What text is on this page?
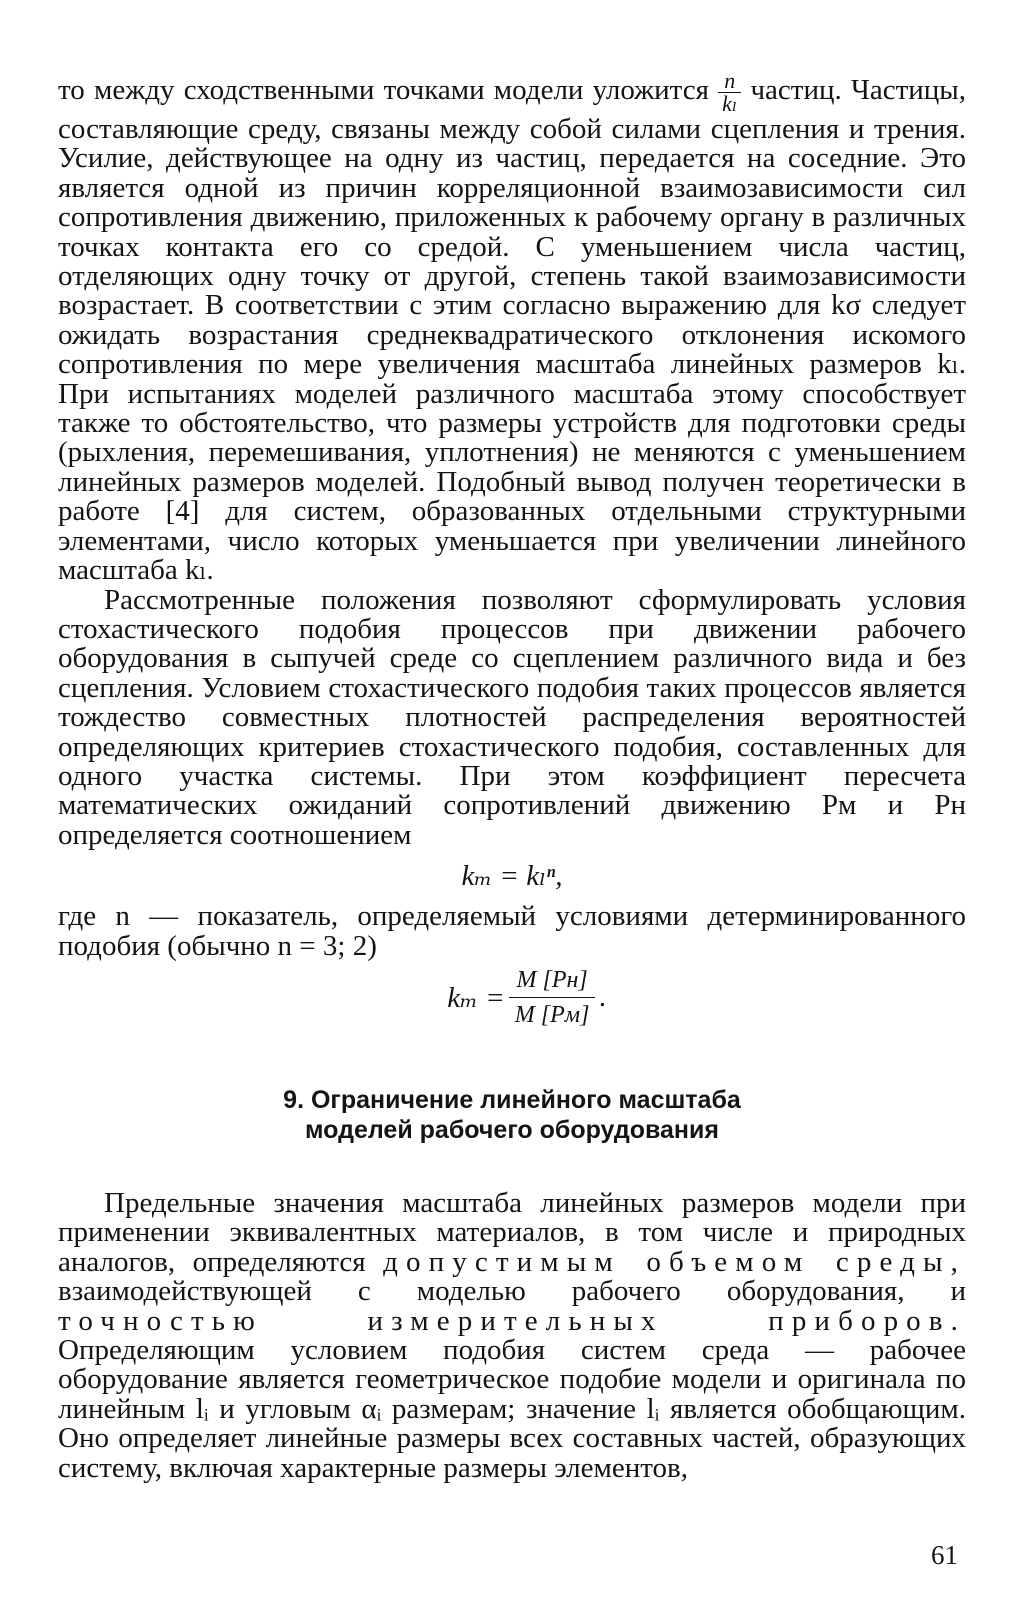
то между сходственными точками модели уложится $\frac{n}{\text{kₗ}}$ частиц. Частицы, составляющие среду, связаны между собой силами сцепления и трения. Усилие, действующее на одну из частиц, передается на соседние. Это является одной из причин корреляционной взаимозависимости сил сопротивления движению, приложенных к рабочему органу в различных точках контакта его со средой. С уменьшением числа частиц, отделяющих одну точку от другой, степень такой взаимозависимости возрастает. В соответствии с этим согласно выражению для kσ следует ожидать возрастания среднеквадратического отклонения искомого сопротивления по мере увеличения масштаба линейных размеров kₗ. При испытаниях моделей различного масштаба этому способствует также то обстоятельство, что размеры устройств для подготовки среды (рыхления, перемешивания, уплотнения) не меняются с уменьшением линейных размеров моделей. Подобный вывод получен теоретически в работе [4] для систем, образованных отдельными структурными элементами, число которых уменьшается при увеличении линейного масштаба kₗ.

Рассмотренные положения позволяют сформулировать условия стохастического подобия процессов при движении рабочего оборудования в сыпучей среде со сцеплением различного вида и без сцепления. Условием стохастического подобия таких процессов является тождество совместных плотностей распределения вероятностей определяющих критериев стохастического подобия, составленных для одного участка системы. При этом коэффициент пересчета математических ожиданий сопротивлений движению Pм и Pн определяется соотношением

kₘ = kₗⁿ,

где n — показатель, определяемый условиями детерминированного подобия (обычно n = 3; 2)

$k_m = \frac{M [Pн]}{M [Pм]}$ .
9. Ограничение линейного масштаба
моделей рабочего оборудования

Предельные значения масштаба линейных размеров модели при применении эквивалентных материалов, в том числе и природных аналогов, определяются допустимым объемом среды, взаимодействующей с моделью рабочего оборудования, и точностью измерительных приборов. Определяющим условием подобия систем среда — рабочее оборудование является геометрическое подобие модели и оригинала по линейным lᵢ и угловым αᵢ размерам; значение lᵢ является обобщающим. Оно определяет линейные размеры всех составных частей, образующих систему, включая характерные размеры элементов,

61
